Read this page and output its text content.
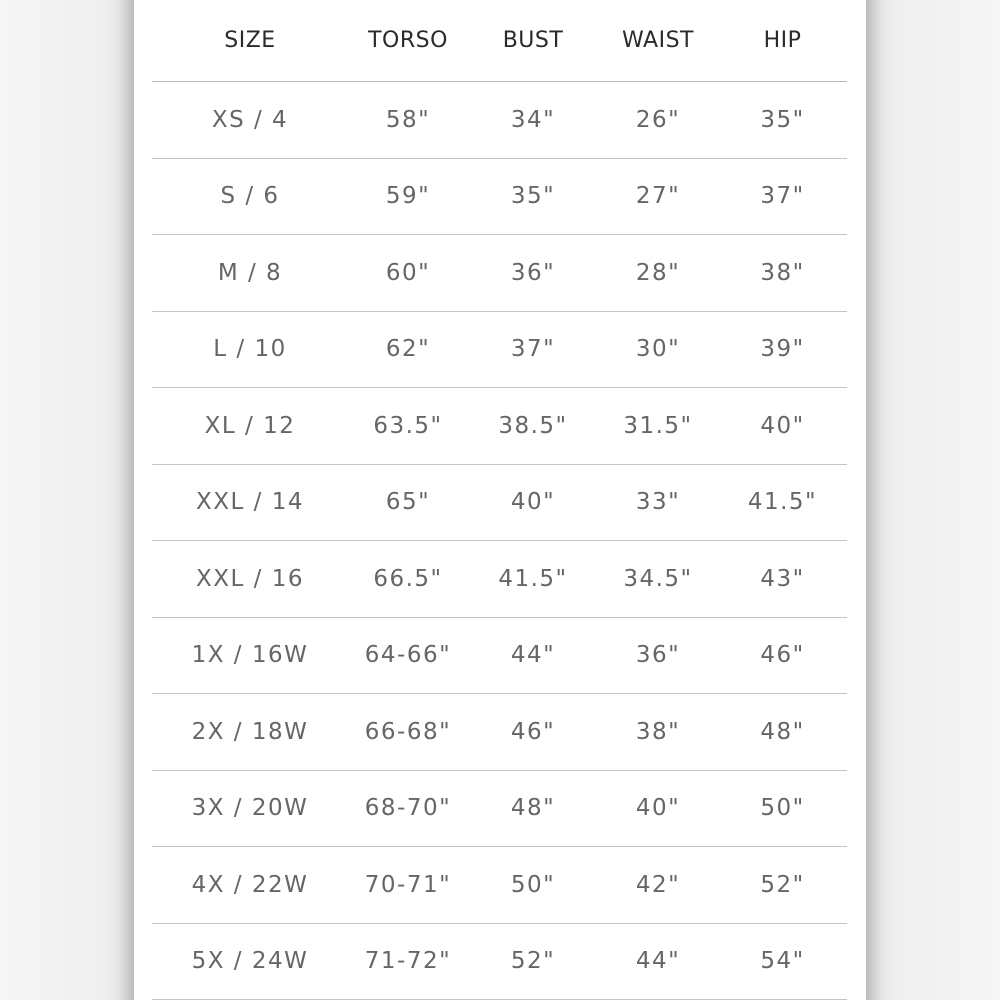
SIZE	TORSO	BUST	WAIST	HIP
XS / 4	58"	34"	26"	35"
S / 6	59"	35"	27"	37"
M / 8	60"	36"	28"	38"
L / 10	62"	37"	30"	39"
XL / 12	63.5"	38.5"	31.5"	40"
XXL / 14	65"	40"	33"	41.5"
XXL / 16	66.5"	41.5"	34.5"	43"
1X / 16W	64-66"	44"	36"	46"
2X / 18W	66-68"	46"	38"	48"
3X / 20W	68-70"	48"	40"	50"
4X / 22W	70-71"	50"	42"	52"
5X / 24W	71-72"	52"	44"	54"
